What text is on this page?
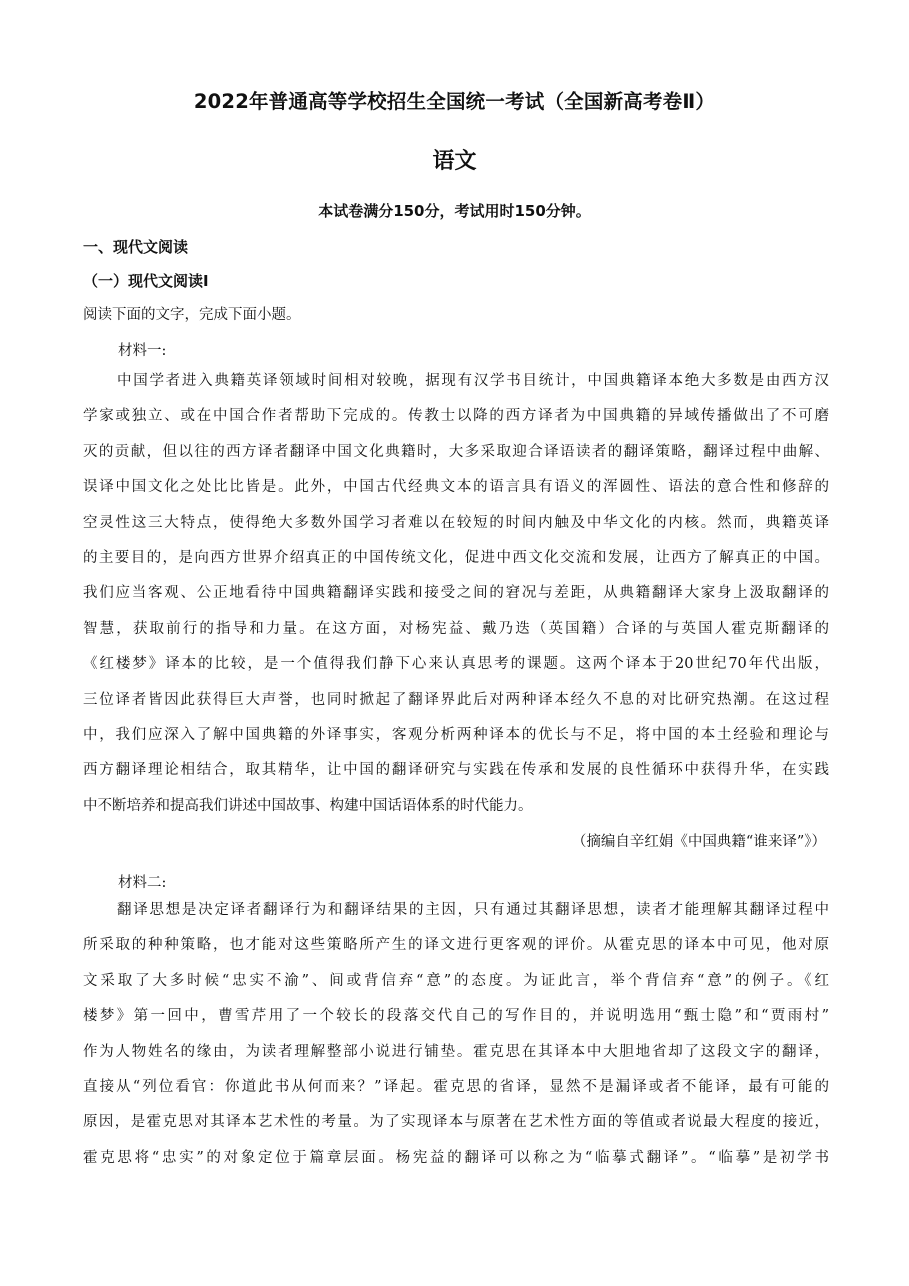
2022年普通高等学校招生全国统一考试（全国新高考卷Ⅱ）
语文
本试卷满分150分，考试用时150分钟。
一、现代文阅读
（一）现代文阅读Ⅰ
阅读下面的文字，完成下面小题。
材料一:
中国学者进入典籍英译领域时间相对较晚，据现有汉学书目统计，中国典籍译本绝大多数是由西方汉
学家或独立、或在中国合作者帮助下完成的。传教士以降的西方译者为中国典籍的异域传播做出了不可磨
灭的贡献，但以往的西方译者翻译中国文化典籍时，大多采取迎合译语读者的翻译策略，翻译过程中曲解、
误译中国文化之处比比皆是。此外，中国古代经典文本的语言具有语义的浑圆性、语法的意合性和修辞的
空灵性这三大特点，使得绝大多数外国学习者难以在较短的时间内触及中华文化的内核。然而，典籍英译
的主要目的，是向西方世界介绍真正的中国传统文化，促进中西文化交流和发展，让西方了解真正的中国。
我们应当客观、公正地看待中国典籍翻译实践和接受之间的窘况与差距，从典籍翻译大家身上汲取翻译的
智慧，获取前行的指导和力量。在这方面，对杨宪益、戴乃迭（英国籍）合译的与英国人霍克斯翻译的
《红楼梦》译本的比较，是一个值得我们静下心来认真思考的课题。这两个译本于20世纪70年代出版，
三位译者皆因此获得巨大声誉，也同时掀起了翻译界此后对两种译本经久不息的对比研究热潮。在这过程
中，我们应深入了解中国典籍的外译事实，客观分析两种译本的优长与不足，将中国的本土经验和理论与
西方翻译理论相结合，取其精华，让中国的翻译研究与实践在传承和发展的良性循环中获得升华，在实践
中不断培养和提高我们讲述中国故事、构建中国话语体系的时代能力。
（摘编自辛红娟《中国典籍“谁来译”》）
材料二:
翻译思想是决定译者翻译行为和翻译结果的主因，只有通过其翻译思想，读者才能理解其翻译过程中
所采取的种种策略，也才能对这些策略所产生的译文进行更客观的评价。从霍克思的译本中可见，他对原
文采取了大多时候“忠实不渝”、间或背信弃“意”的态度。为证此言，举个背信弃“意”的例子。《红
楼梦》第一回中，曹雪芹用了一个较长的段落交代自己的写作目的，并说明选用“甄士隐”和“贾雨村”
作为人物姓名的缘由，为读者理解整部小说进行铺垫。霍克思在其译本中大胆地省却了这段文字的翻译，
直接从“列位看官：你道此书从何而来？”译起。霍克思的省译，显然不是漏译或者不能译，最有可能的
原因，是霍克思对其译本艺术性的考量。为了实现译本与原著在艺术性方面的等值或者说最大程度的接近，
霍克思将“忠实”的对象定位于篇章层面。杨宪益的翻译可以称之为“临摹式翻译”。“临摹”是初学书
